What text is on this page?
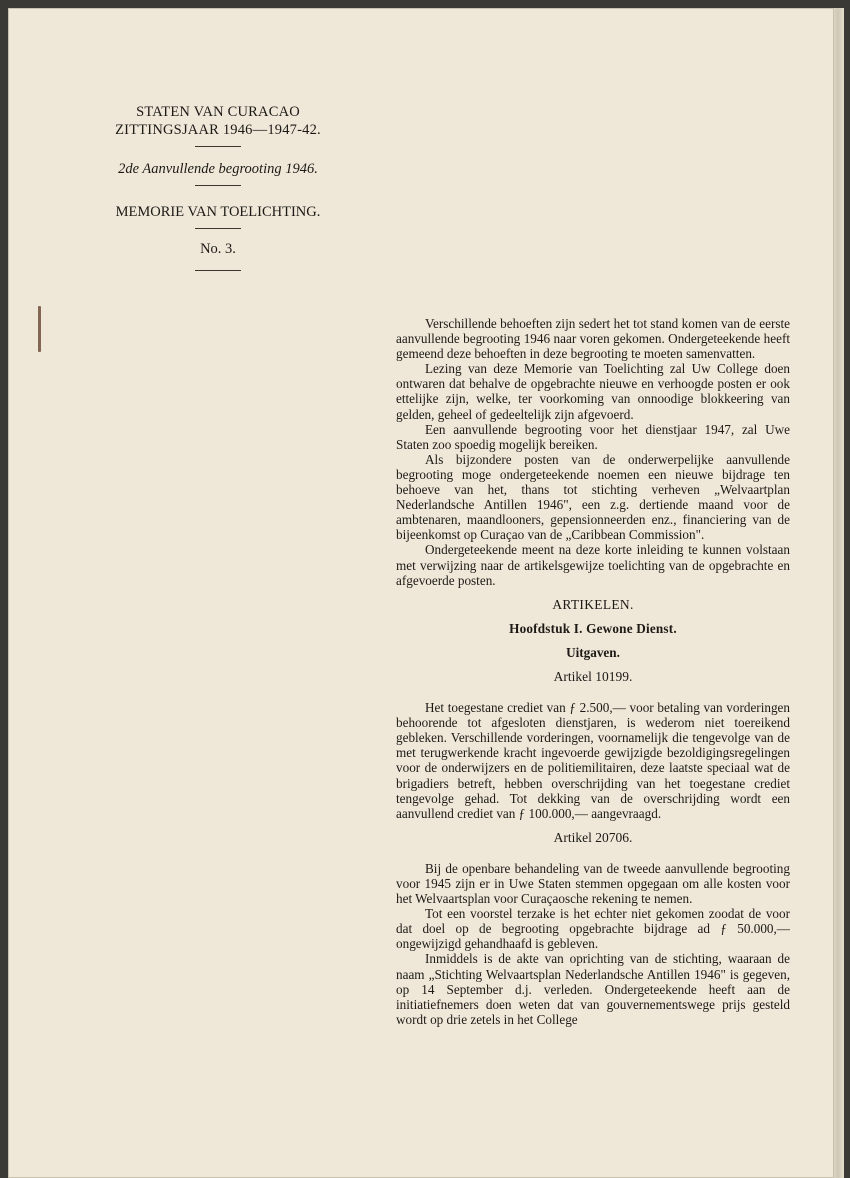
STATEN VAN CURACAO
ZITTINGSJAAR 1946—1947-42.
2de Aanvullende begrooting 1946.
MEMORIE VAN TOELICHTING.
No. 3.

Verschillende behoeften zijn sedert het tot stand komen van de eerste aanvullende begrooting 1946 naar voren gekomen. Ondergeteekende heeft gemeend deze behoeften in deze begrooting te moeten samenvatten.

Lezing van deze Memorie van Toelichting zal Uw College doen ontwaren dat behalve de opgebrachte nieuwe en verhoogde posten er ook ettelijke zijn, welke, ter voorkoming van onnoodige blokkeering van gelden, geheel of gedeeltelijk zijn afgevoerd.

Een aanvullende begrooting voor het dienstjaar 1947, zal Uwe Staten zoo spoedig mogelijk bereiken.

Als bijzondere posten van de onderwerpelijke aanvullende begrooting moge ondergeteekende noemen een nieuwe bijdrage ten behoeve van het, thans tot stichting verheven „Welvaartplan Nederlandsche Antillen 1946", een z.g. dertiende maand voor de ambtenaren, maandlooners, gepensionneerden enz., financiering van de bijeenkomst op Curaçao van de „Caribbean Commission".

Ondergeteekende meent na deze korte inleiding te kunnen volstaan met verwijzing naar de artikelsgewijze toelichting van de opgebrachte en afgevoerde posten.

ARTIKELEN.
Hoofdstuk I. Gewone Dienst.
Uitgaven.
Artikel 10199.

Het toegestane crediet van ƒ 2.500,— voor betaling van vorderingen behoorende tot afgesloten dienstjaren, is wederom niet toereikend gebleken. Verschillende vorderingen, voornamelijk die tengevolge van de met terugwerkende kracht ingevoerde gewijzigde bezoldigingsregelingen voor de onderwijzers en de politiemilitairen, deze laatste speciaal wat de brigadiers betreft, hebben overschrijding van het toegestane crediet tengevolge gehad. Tot dekking van de overschrijding wordt een aanvullend crediet van ƒ 100.000,— aangevraagd.

Artikel 20706.

Bij de openbare behandeling van de tweede aanvullende begrooting voor 1945 zijn er in Uwe Staten stemmen opgegaan om alle kosten voor het Welvaartsplan voor Curaçaosche rekening te nemen.

Tot een voorstel terzake is het echter niet gekomen zoodat de voor dat doel op de begrooting opgebrachte bijdrage ad ƒ 50.000,— ongewijzigd gehandhaafd is gebleven.

Inmiddels is de akte van oprichting van de stichting, waaraan de naam „Stichting Welvaartsplan Nederlandsche Antillen 1946" is gegeven, op 14 September d.j. verleden. Ondergeteekende heeft aan de initiatiefnemers doen weten dat van gouvernementswege prijs gesteld wordt op drie zetels in het College
